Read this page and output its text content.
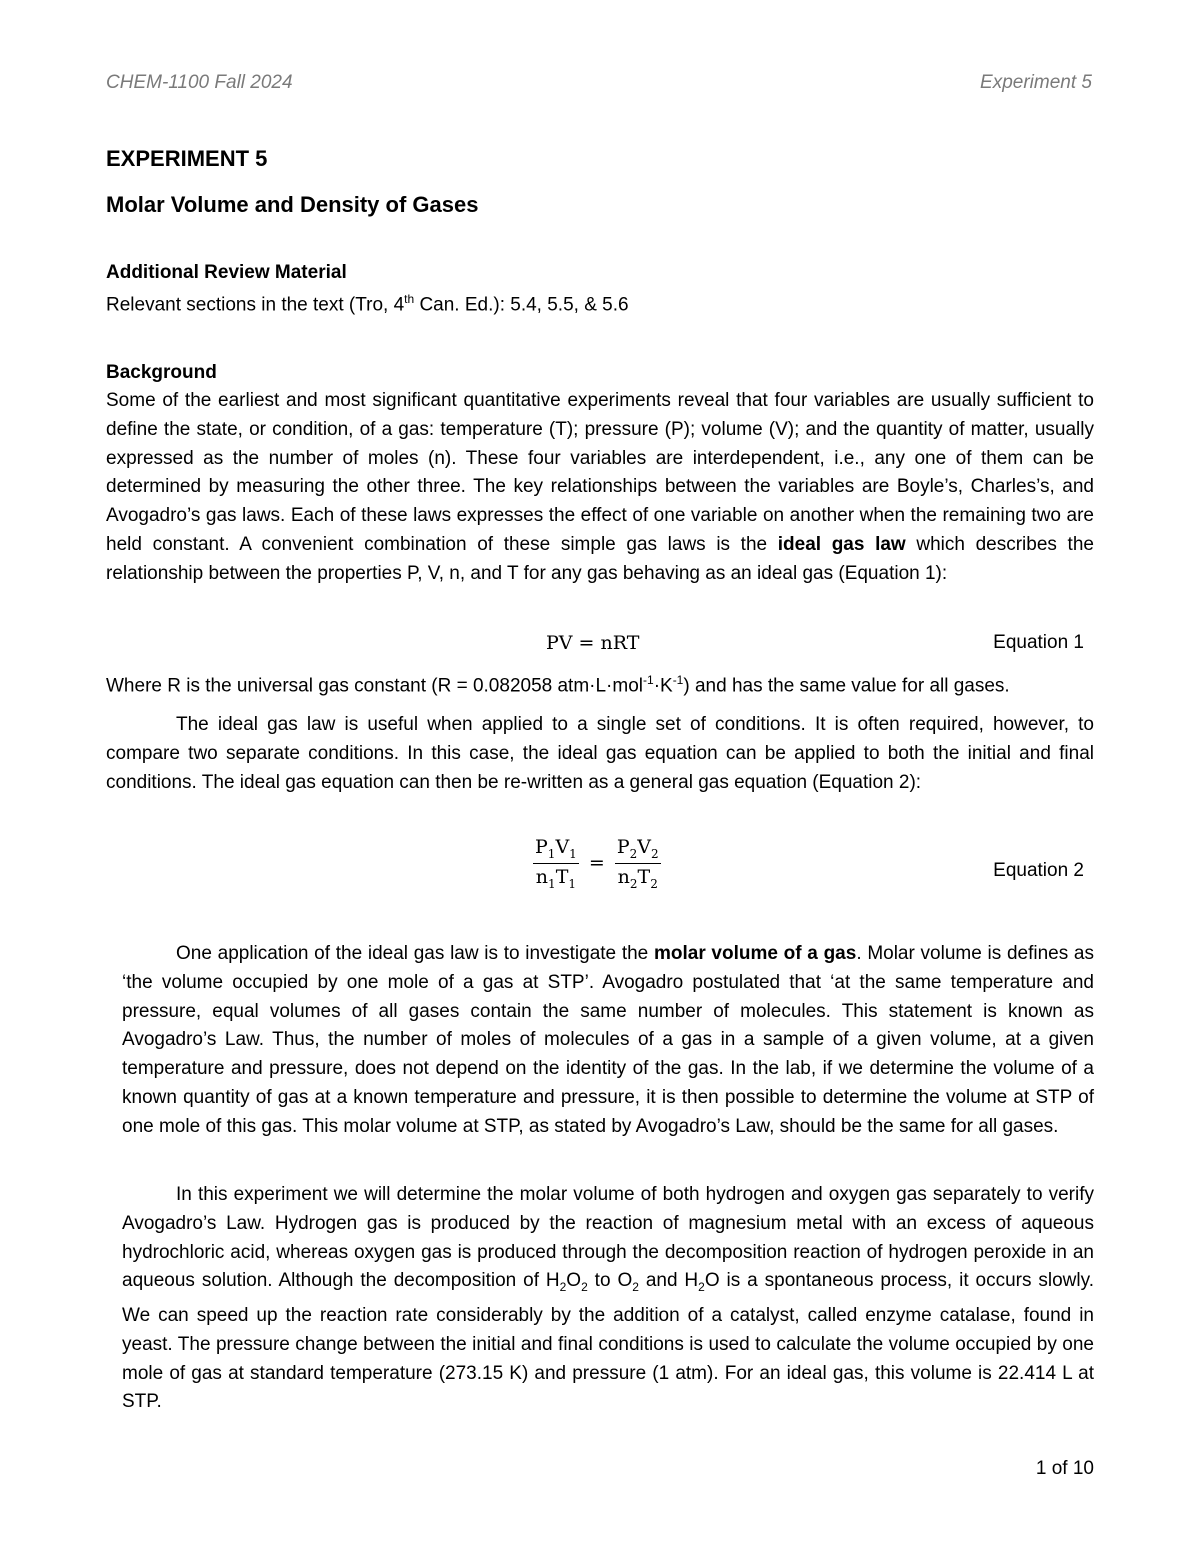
CHEM-1100 Fall 2024	Experiment 5
EXPERIMENT 5
Molar Volume and Density of Gases
Additional Review Material
Relevant sections in the text (Tro, 4th Can. Ed.): 5.4, 5.5, & 5.6
Background

Some of the earliest and most significant quantitative experiments reveal that four variables are usually sufficient to define the state, or condition, of a gas: temperature (T); pressure (P); volume (V); and the quantity of matter, usually expressed as the number of moles (n). These four variables are interdependent, i.e., any one of them can be determined by measuring the other three. The key relationships between the variables are Boyle’s, Charles’s, and Avogadro’s gas laws. Each of these laws expresses the effect of one variable on another when the remaining two are held constant. A convenient combination of these simple gas laws is the ideal gas law which describes the relationship between the properties P, V, n, and T for any gas behaving as an ideal gas (Equation 1):

PV = nRT	Equation 1
Where R is the universal gas constant (R = 0.082058 $atm\cdot L\cdot mol^{-1}\cdot K^{-1}$) and has the same value for all gases.

The ideal gas law is useful when applied to a single set of conditions. It is often required, however, to compare two separate conditions. In this case, the ideal gas equation can be applied to both the initial and final conditions. The ideal gas equation can then be re-written as a general gas equation (Equation 2):

$\frac{P_1V_1}{n_1T_1} = \frac{P_2V_2}{n_2T_2}$	Equation 2

One application of the ideal gas law is to investigate the molar volume of a gas. Molar volume is defines as ‘the volume occupied by one mole of a gas at STP’. Avogadro postulated that ‘at the same temperature and pressure, equal volumes of all gases contain the same number of molecules. This statement is known as Avogadro’s Law. Thus, the number of moles of molecules of a gas in a sample of a given volume, at a given temperature and pressure, does not depend on the identity of the gas. In the lab, if we determine the volume of a known quantity of gas at a known temperature and pressure, it is then possible to determine the volume at STP of one mole of this gas. This molar volume at STP, as stated by Avogadro’s Law, should be the same for all gases.

In this experiment we will determine the molar volume of both hydrogen and oxygen gas separately to verify Avogadro’s Law. Hydrogen gas is produced by the reaction of magnesium metal with an excess of aqueous hydrochloric acid, whereas oxygen gas is produced through the decomposition reaction of hydrogen peroxide in an aqueous solution. Although the decomposition of $H_2O_2$ to $O_2$ and $H_2O$ is a spontaneous process, it occurs slowly. We can speed up the reaction rate considerably by the addition of a catalyst, called enzyme catalase, found in yeast. The pressure change between the initial and final conditions is used to calculate the volume occupied by one mole of gas at standard temperature (273.15 K) and pressure (1 atm). For an ideal gas, this volume is 22.414 L at STP.

1 of 10
